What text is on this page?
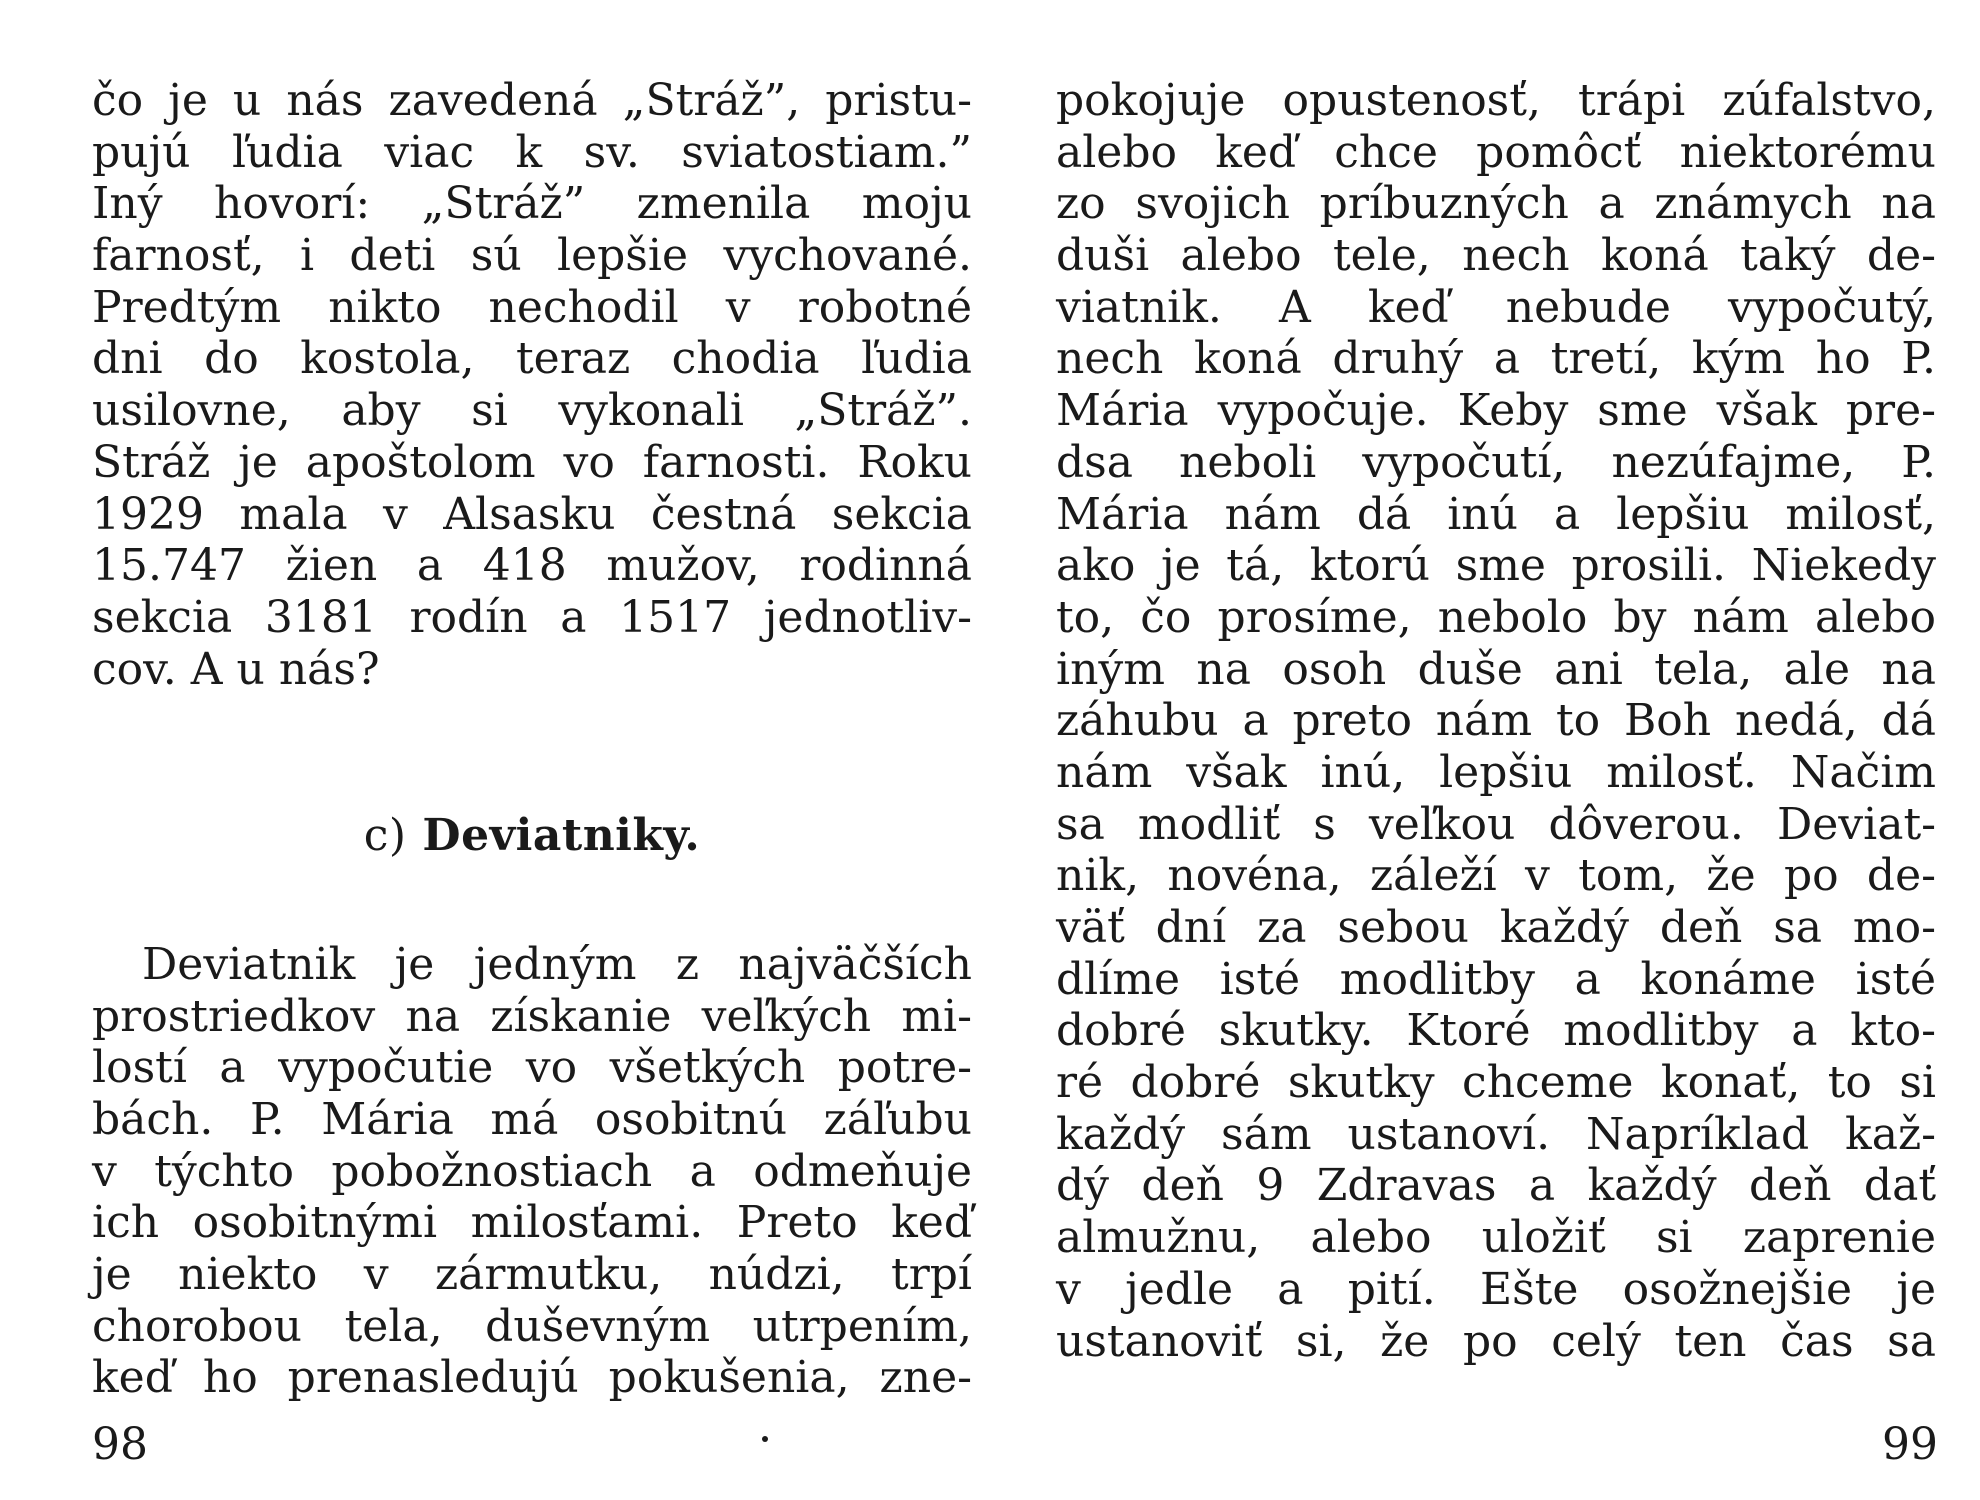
čo je u nás zavedená „Stráž”, pristu-
pujú ľudia viac k sv. sviatostiam.”
Iný hovorí: „Stráž” zmenila moju
farnosť, i deti sú lepšie vychované.
Predtým nikto nechodil v robotné
dni do kostola, teraz chodia ľudia
usilovne, aby si vykonali „Stráž”.
Stráž je apoštolom vo farnosti. Roku
1929 mala v Alsasku čestná sekcia
15.747 žien a 418 mužov, rodinná
sekcia 3181 rodín a 1517 jednotliv-
cov. A u nás?
c) Deviatniky.
Deviatnik je jedným z najväčších
prostriedkov na získanie veľkých mi-
lostí a vypočutie vo všetkých potre-
bách. P. Mária má osobitnú záľubu
v týchto pobožnostiach a odmeňuje
ich osobitnými milosťami. Preto keď
je niekto v zármutku, núdzi, trpí
chorobou tela, duševným utrpením,
keď ho prenasledujú pokušenia, zne-
98
pokojuje opustenosť, trápi zúfalstvo,
alebo keď chce pomôcť niektorému
zo svojich príbuzných a známych na
duši alebo tele, nech koná taký de-
viatnik. A keď nebude vypočutý,
nech koná druhý a tretí, kým ho P.
Mária vypočuje. Keby sme však pre-
dsa neboli vypočutí, nezúfajme, P.
Mária nám dá inú a lepšiu milosť,
ako je tá, ktorú sme prosili. Niekedy
to, čo prosíme, nebolo by nám alebo
iným na osoh duše ani tela, ale na
záhubu a preto nám to Boh nedá, dá
nám však inú, lepšiu milosť. Načim
sa modliť s veľkou dôverou. Deviat-
nik, novéna, záleží v tom, že po de-
väť dní za sebou každý deň sa mo-
dlíme isté modlitby a konáme isté
dobré skutky. Ktoré modlitby a kto-
ré dobré skutky chceme konať, to si
každý sám ustanoví. Napríklad kaž-
dý deň 9 Zdravas a každý deň dať
almužnu, alebo uložiť si zaprenie
v jedle a pití. Ešte osožnejšie je
ustanoviť si, že po celý ten čas sa
99
